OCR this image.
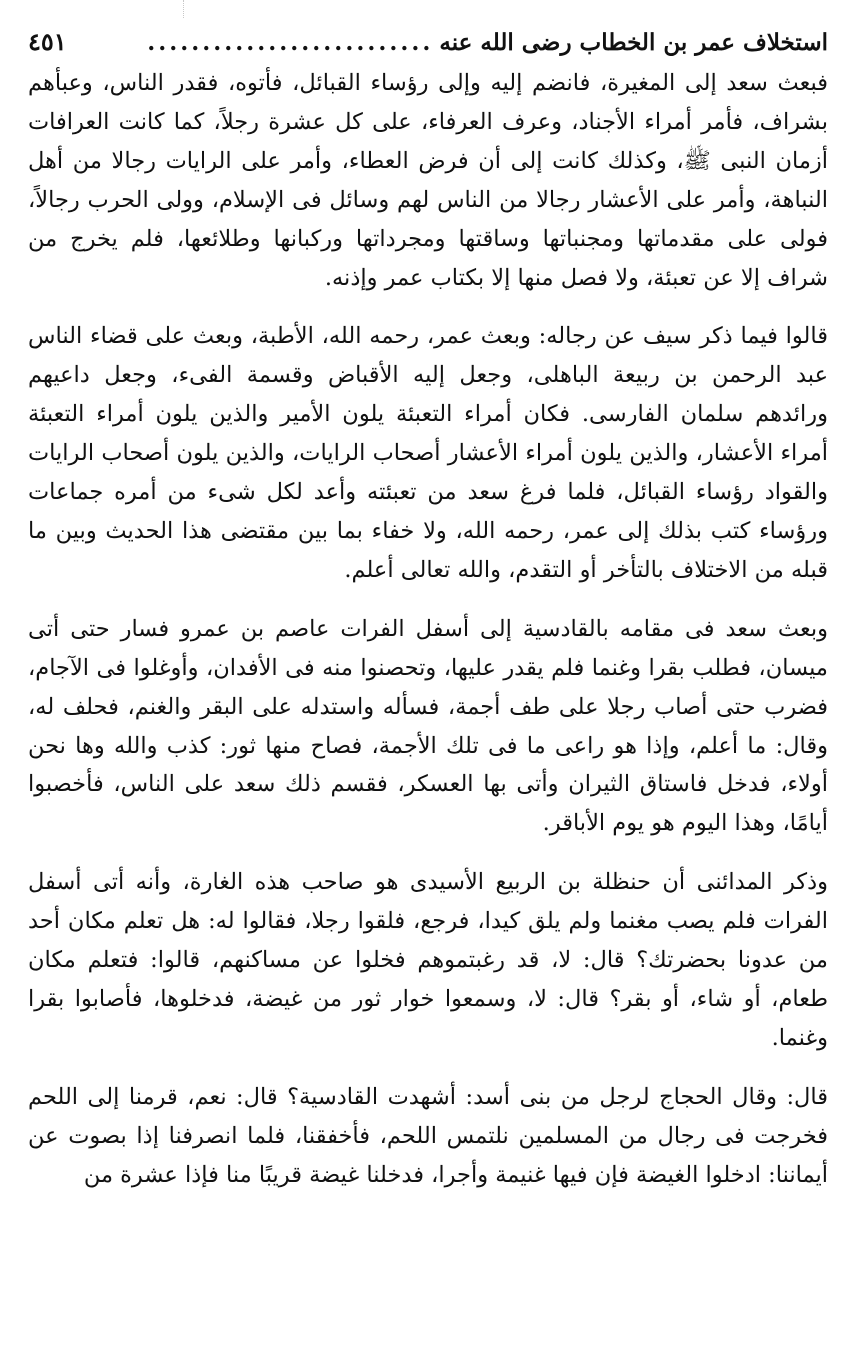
استخلاف عمر بن الخطاب رضى الله عنه
..........................
٤٥١

فبعث سعد إلى المغيرة، فانضم إليه وإلى رؤساء القبائل، فأتوه، فقدر الناس، وعبأهم بشراف، فأمر أمراء الأجناد، وعرف العرفاء، على كل عشرة رجلاً، كما كانت العرافات أزمان النبى ﷺ، وكذلك كانت إلى أن فرض العطاء، وأمر على الرايات رجالا من أهل النباهة، وأمر على الأعشار رجالا من الناس لهم وسائل فى الإسلام، وولى الحرب رجالاً، فولى على مقدماتها ومجنباتها وساقتها ومجرداتها وركبانها وطلائعها، فلم يخرج من شراف إلا عن تعبئة، ولا فصل منها إلا بكتاب عمر وإذنه.

قالوا فيما ذكر سيف عن رجاله: وبعث عمر، رحمه الله، الأطبة، وبعث على قضاء الناس عبد الرحمن بن ربيعة الباهلى، وجعل إليه الأقباض وقسمة الفىء، وجعل داعيهم ورائدهم سلمان الفارسى. فكان أمراء التعبئة يلون الأمير والذين يلون أمراء التعبئة أمراء الأعشار، والذين يلون أمراء الأعشار أصحاب الرايات، والذين يلون أصحاب الرايات والقواد رؤساء القبائل، فلما فرغ سعد من تعبئته وأعد لكل شىء من أمره جماعات ورؤساء كتب بذلك إلى عمر، رحمه الله، ولا خفاء بما بين مقتضى هذا الحديث وبين ما قبله من الاختلاف بالتأخر أو التقدم، والله تعالى أعلم.

وبعث سعد فى مقامه بالقادسية إلى أسفل الفرات عاصم بن عمرو فسار حتى أتى ميسان، فطلب بقرا وغنما فلم يقدر عليها، وتحصنوا منه فى الأفدان، وأوغلوا فى الآجام، فضرب حتى أصاب رجلا على طف أجمة، فسأله واستدله على البقر والغنم، فحلف له، وقال: ما أعلم، وإذا هو راعى ما فى تلك الأجمة، فصاح منها ثور: كذب والله وها نحن أولاء، فدخل فاستاق الثيران وأتى بها العسكر، فقسم ذلك سعد على الناس، فأخصبوا أيامًا، وهذا اليوم هو يوم الأباقر.

وذكر المدائنى أن حنظلة بن الربيع الأسيدى هو صاحب هذه الغارة، وأنه أتى أسفل الفرات فلم يصب مغنما ولم يلق كيدا، فرجع، فلقوا رجلا، فقالوا له: هل تعلم مكان أحد من عدونا بحضرتك؟ قال: لا، قد رغبتموهم فخلوا عن مساكنهم، قالوا: فتعلم مكان طعام، أو شاء، أو بقر؟ قال: لا، وسمعوا خوار ثور من غيضة، فدخلوها، فأصابوا بقرا وغنما.

قال: وقال الحجاج لرجل من بنى أسد: أشهدت القادسية؟ قال: نعم، قرمنا إلى اللحم فخرجت فى رجال من المسلمين نلتمس اللحم، فأخفقنا، فلما انصرفنا إذا بصوت عن أيماننا: ادخلوا الغيضة فإن فيها غنيمة وأجرا، فدخلنا غيضة قريبًا منا فإذا عشرة من
